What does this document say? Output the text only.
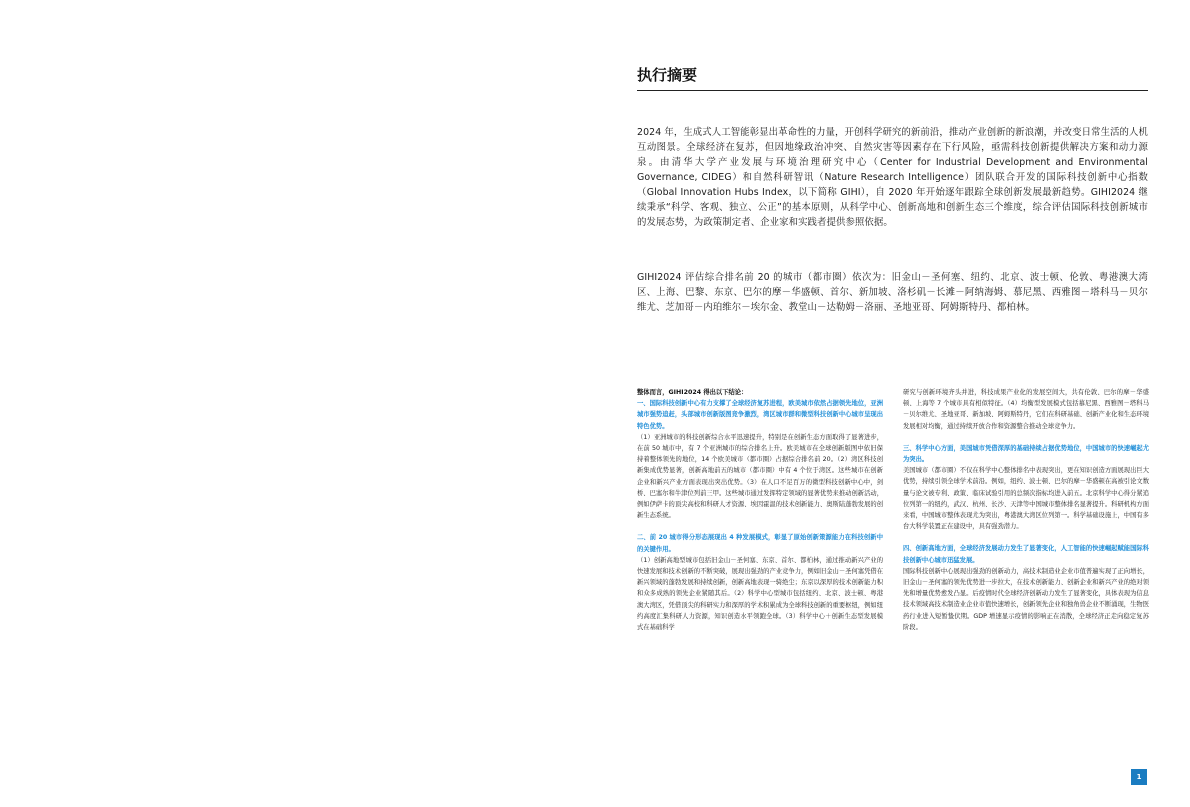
执行摘要

2024 年，生成式人工智能彰显出革命性的力量，开创科学研究的新前沿，推动产业创新的新浪潮，并改变日常生活的人机互动图景。全球经济在复苏，但因地缘政治冲突、自然灾害等因素存在下行风险，亟需科技创新提供解决方案和动力源泉。由清华大学产业发展与环境治理研究中心（Center for Industrial Development and Environmental Governance, CIDEG）和自然科研智讯（Nature Research Intelligence）团队联合开发的国际科技创新中心指数（Global Innovation Hubs Index，以下简称 GIHI），自 2020 年开始逐年跟踪全球创新发展最新趋势。GIHI2024 继续秉承“科学、客观、独立、公正”的基本原则，从科学中心、创新高地和创新生态三个维度，综合评估国际科技创新城市的发展态势，为政策制定者、企业家和实践者提供参照依据。

GIHI2024 评估综合排名前 20 的城市（都市圈）依次为：旧金山－圣何塞、纽约、北京、波士顿、伦敦、粤港澳大湾区、上海、巴黎、东京、巴尔的摩－华盛顿、首尔、新加坡、洛杉矶－长滩－阿纳海姆、慕尼黑、西雅图－塔科马－贝尔维尤、芝加哥－内珀维尔－埃尔金、教堂山－达勒姆－洛丽、圣地亚哥、阿姆斯特丹、都柏林。

整体而言，GIHI2024 得出以下结论：

一、国际科技创新中心有力支撑了全球经济复苏进程，欧美城市依然占据领先地位，亚洲城市强势追赶，头部城市创新版图竞争激烈，湾区城市群和微型科技创新中心城市呈现出特色优势。

（1）亚洲城市的科技创新综合水平迅速提升，特别是在创新生态方面取得了显著进步，在前 50 城市中，有 7 个亚洲城市的综合排名上升。欧美城市在全球创新版图中依旧保持着整体领先的地位，14 个欧美城市（都市圈）占据综合排名前 20。（2）湾区科技创新集成优势显著，创新高地前五的城市（都市圈）中有 4 个位于湾区。这些城市在创新企业和新兴产业方面表现出突出优势。（3）在人口不足百万的微型科技创新中心中，剑桥、巴塞尔和牛津位列前三甲。这些城市通过发挥特定领域的显著优势来推动创新活动，例如伊萨卡的顶尖高校和科研人才资源、埃因霍温的技术创新能力、奥斯陆蓬勃发展的创新生态系统。

二、前 20 城市得分形态展现出 4 种发展模式，彰显了原始创新策源能力在科技创新中的关键作用。

（1）创新高地型城市包括旧金山－圣何塞、东京、首尔、都柏林，通过推动新兴产业的快速发展和技术创新的不断突破，展现出强劲的产业竞争力，例如旧金山－圣何塞凭借在新兴领域的蓬勃发展和持续创新，创新高地表现一骑绝尘；东京以深厚的技术创新能力积和众多成熟的领先企业紧随其后。（2）科学中心型城市包括纽约、北京、波士顿、粤港澳大湾区，凭借顶尖的科研实力和深厚的学术积累成为全球科技创新的重要枢纽，例如纽约高度汇集科研人力资源，知识创造水平领跑全球。（3）科学中心＋创新生态型发展模式在基础科学

研究与创新环境齐头并进，科技成果产业化的发展空间大，共有伦敦、巴尔的摩－华盛顿、上海等 7 个城市具有相似特征。（4）均衡型发展模式包括慕尼黑、西雅图－塔科马－贝尔维尤、圣地亚哥、新加坡、阿姆斯特丹，它们在科研基础、创新产业化和生态环境发展相对均衡，通过持续开放合作和资源整合推动全球竞争力。

三、科学中心方面，美国城市凭借深厚的基础持续占据优势地位，中国城市的快速崛起尤为突出。

美国城市（都市圈）不仅在科学中心整体排名中表现突出，更在知识创造方面展现出巨大优势，持续引领全球学术前沿。例如，纽约、波士顿、巴尔的摩－华盛顿在高被引论文数量与论文被专利、政策、临床试验引用的总频次指标均进入前五。北京科学中心得分紧追位列第一的纽约，武汉、杭州、长沙、天津等中国城市整体排名显著提升。科研机构方面来看，中国城市整体表现尤为突出，粤港澳大湾区位列第一。科学基础设施上，中国有多台大科学装置正在建设中，具有强劲潜力。

四、创新高地方面，全球经济发展动力发生了显著变化，人工智能的快速崛起赋能国际科技创新中心城市迅猛发展。

国际科技创新中心展现出强劲的创新动力，高技术制造业企业市值普遍实现了正向增长，旧金山－圣何塞的领先优势进一步拉大，在技术创新能力、创新企业和新兴产业的绝对领先和增量优势愈发凸显。后疫情时代全球经济创新动力发生了显著变化，具体表现为信息技术领域高技术制造业企业市值快速增长，创新领先企业和独角兽企业不断涌现，生物医药行业进入短暂蛰伏期。GDP 增速显示疫情的影响正在消散，全球经济正走向稳定复苏阶段。

1
